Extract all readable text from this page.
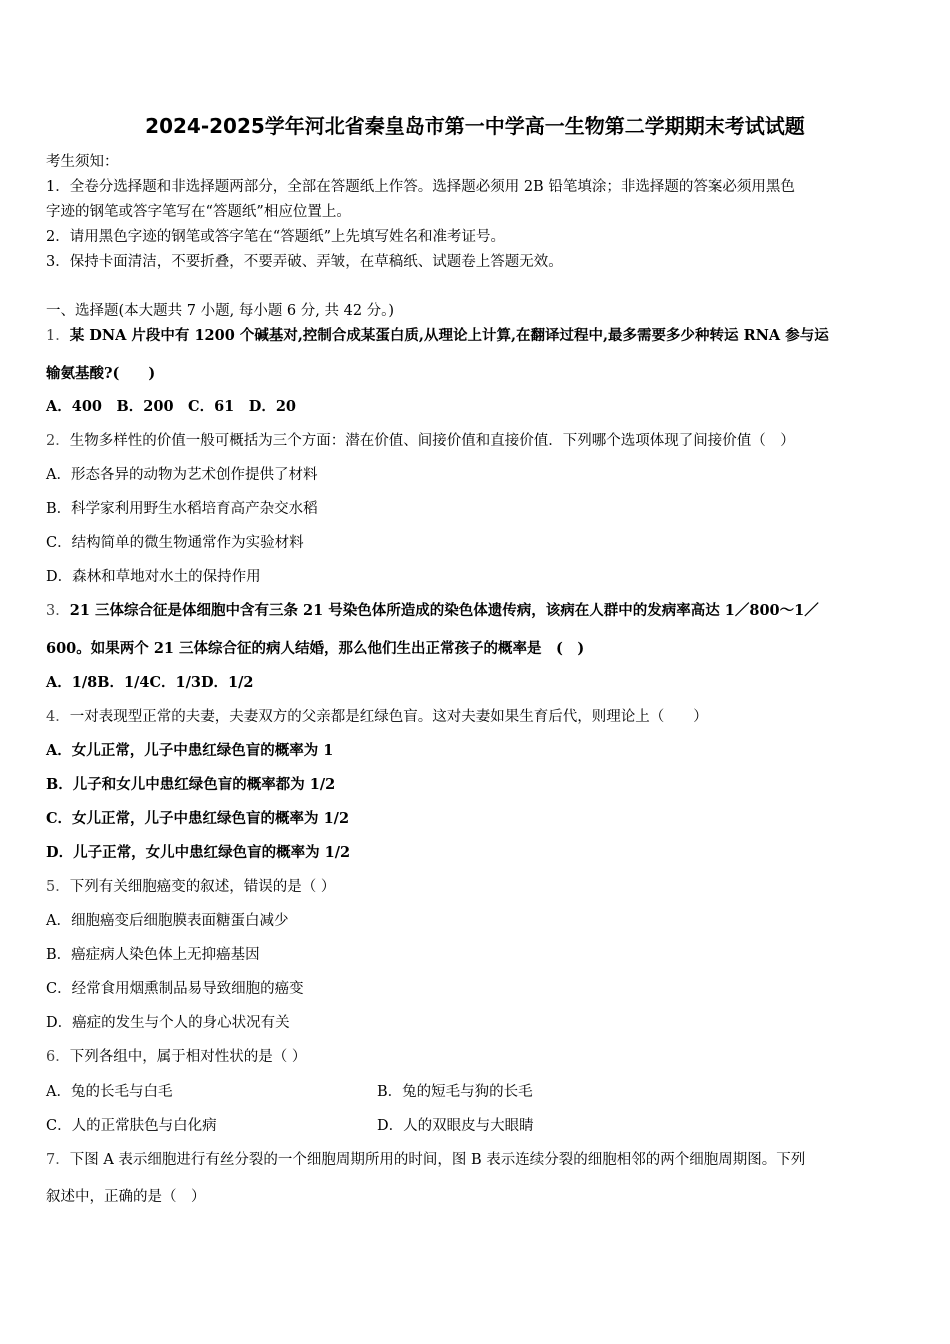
2024-2025学年河北省秦皇岛市第一中学高一生物第二学期期末考试试题
考生须知：
1．全卷分选择题和非选择题两部分，全部在答题纸上作答。选择题必须用 2B 铅笔填涂；非选择题的答案必须用黑色
字迹的钢笔或答字笔写在“答题纸”相应位置上。
2．请用黑色字迹的钢笔或答字笔在“答题纸”上先填写姓名和准考证号。
3．保持卡面清洁，不要折叠，不要弄破、弄皱，在草稿纸、试题卷上答题无效。
一、选择题(本大题共 7 小题, 每小题 6 分, 共 42 分。)
1．某 DNA 片段中有 1200 个碱基对,控制合成某蛋白质,从理论上计算,在翻译过程中,最多需要多少种转运 RNA 参与运
输氨基酸?(　　)
A．400　B．200　C．61　D．20
2．生物多样性的价值一般可概括为三个方面：潜在价值、间接价值和直接价值．下列哪个选项体现了间接价值（　）
A．形态各异的动物为艺术创作提供了材料
B．科学家利用野生水稻培育高产杂交水稻
C．结构简单的微生物通常作为实验材料
D．森林和草地对水土的保持作用
3．21 三体综合征是体细胞中含有三条 21 号染色体所造成的染色体遗传病，该病在人群中的发病率高达 1／800～1／
600。如果两个 21 三体综合征的病人结婚，那么他们生出正常孩子的概率是　(　)
A．1/8B．1/4C．1/3D．1/2
4．一对表现型正常的夫妻，夫妻双方的父亲都是红绿色盲。这对夫妻如果生育后代，则理论上（　　）
A．女儿正常，儿子中患红绿色盲的概率为 1
B．儿子和女儿中患红绿色盲的概率都为 1/2
C．女儿正常，儿子中患红绿色盲的概率为 1/2
D．儿子正常，女儿中患红绿色盲的概率为 1/2
5．下列有关细胞癌变的叙述，错误的是（ ）
A．细胞癌变后细胞膜表面糖蛋白减少
B．癌症病人染色体上无抑癌基因
C．经常食用烟熏制品易导致细胞的癌变
D．癌症的发生与个人的身心状况有关
6．下列各组中，属于相对性状的是（ ）
A．兔的长毛与白毛	B．兔的短毛与狗的长毛
C．人的正常肤色与白化病	D．人的双眼皮与大眼睛
7．下图 A 表示细胞进行有丝分裂的一个细胞周期所用的时间，图 B 表示连续分裂的细胞相邻的两个细胞周期图。下列
叙述中，正确的是（　）
